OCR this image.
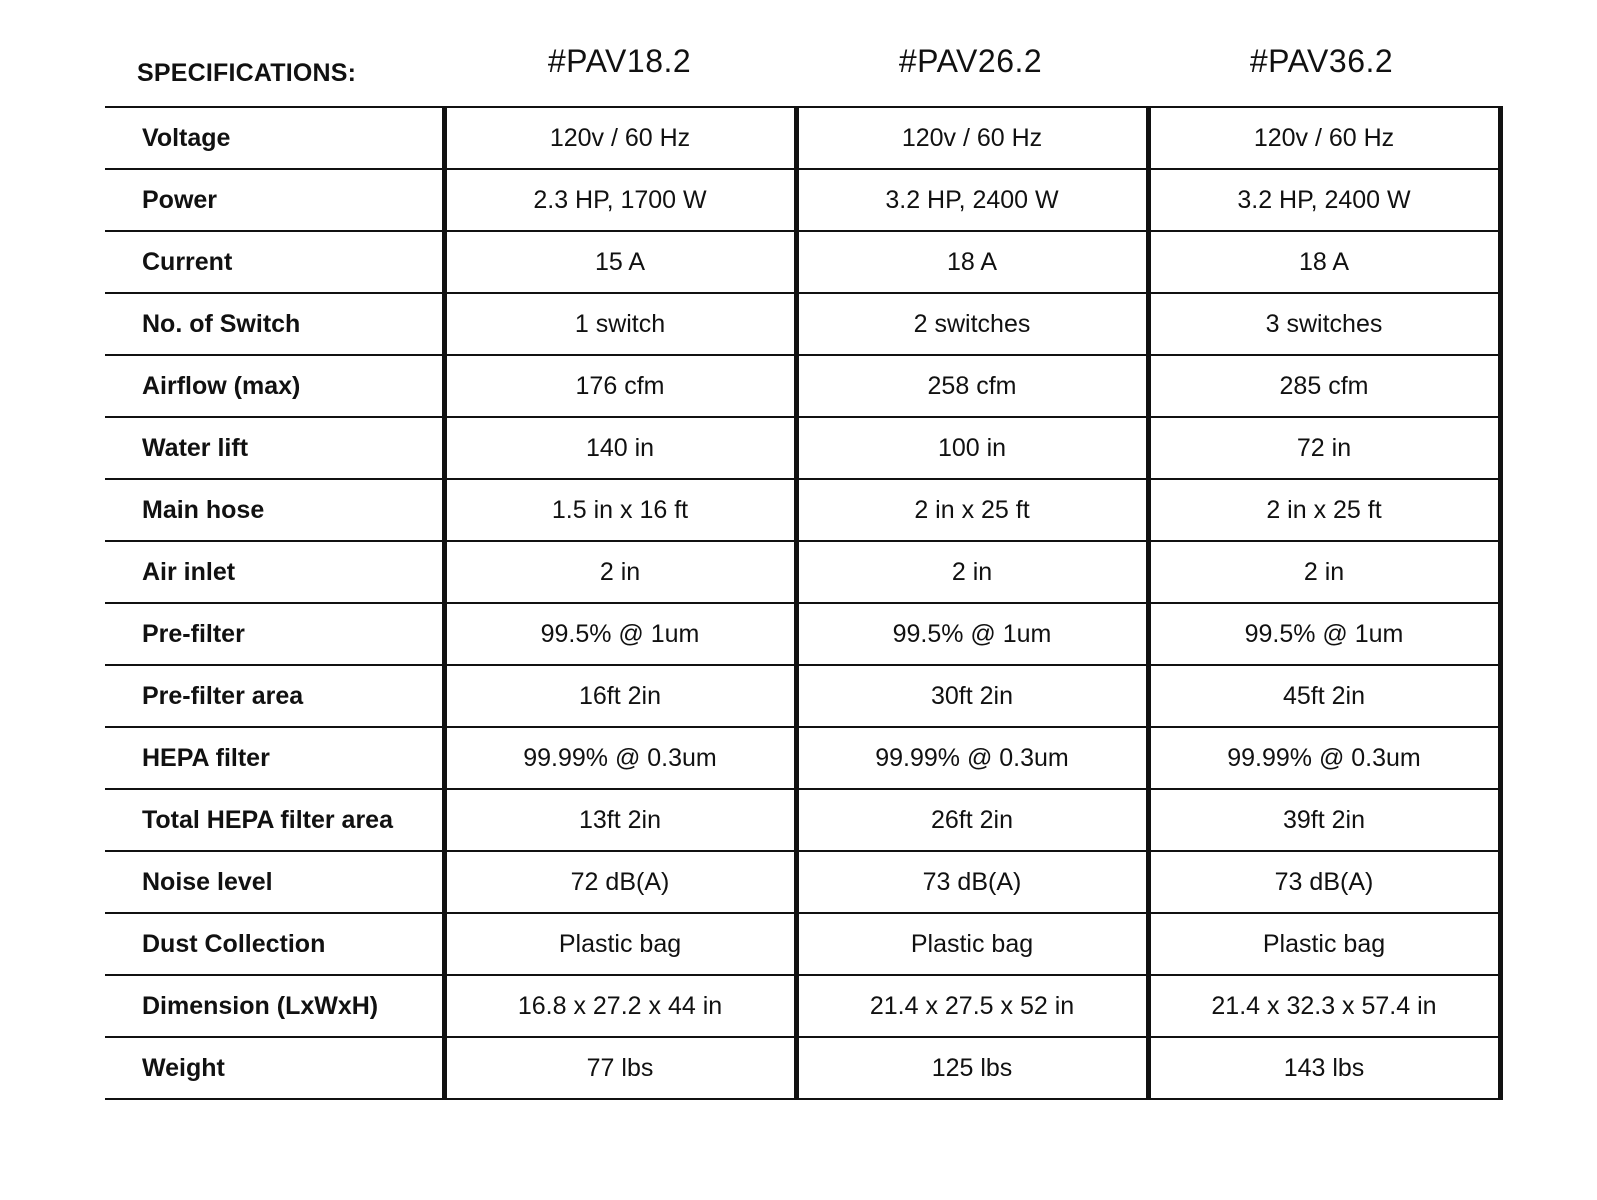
SPECIFICATIONS:	#PAV18.2	#PAV26.2	#PAV36.2
Voltage	120v / 60 Hz	120v / 60 Hz	120v / 60 Hz
Power	2.3 HP, 1700 W	3.2 HP, 2400 W	3.2 HP, 2400 W
Current	15 A	18 A	18 A
No. of Switch	1 switch	2 switches	3 switches
Airflow (max)	176 cfm	258 cfm	285 cfm
Water lift	140 in	100 in	72 in
Main hose	1.5 in x 16 ft	2 in x 25 ft	2 in x 25 ft
Air inlet	2 in	2 in	2 in
Pre-filter	99.5% @ 1um	99.5% @ 1um	99.5% @ 1um
Pre-filter area	16ft 2in	30ft 2in	45ft 2in
HEPA filter	99.99% @ 0.3um	99.99% @ 0.3um	99.99% @ 0.3um
Total HEPA filter area	13ft 2in	26ft 2in	39ft 2in
Noise level	72 dB(A)	73 dB(A)	73 dB(A)
Dust Collection	Plastic bag	Plastic bag	Plastic bag
Dimension (LxWxH)	16.8 x 27.2 x 44 in	21.4 x 27.5 x 52 in	21.4 x 32.3 x 57.4 in
Weight	77 lbs	125 lbs	143 lbs
